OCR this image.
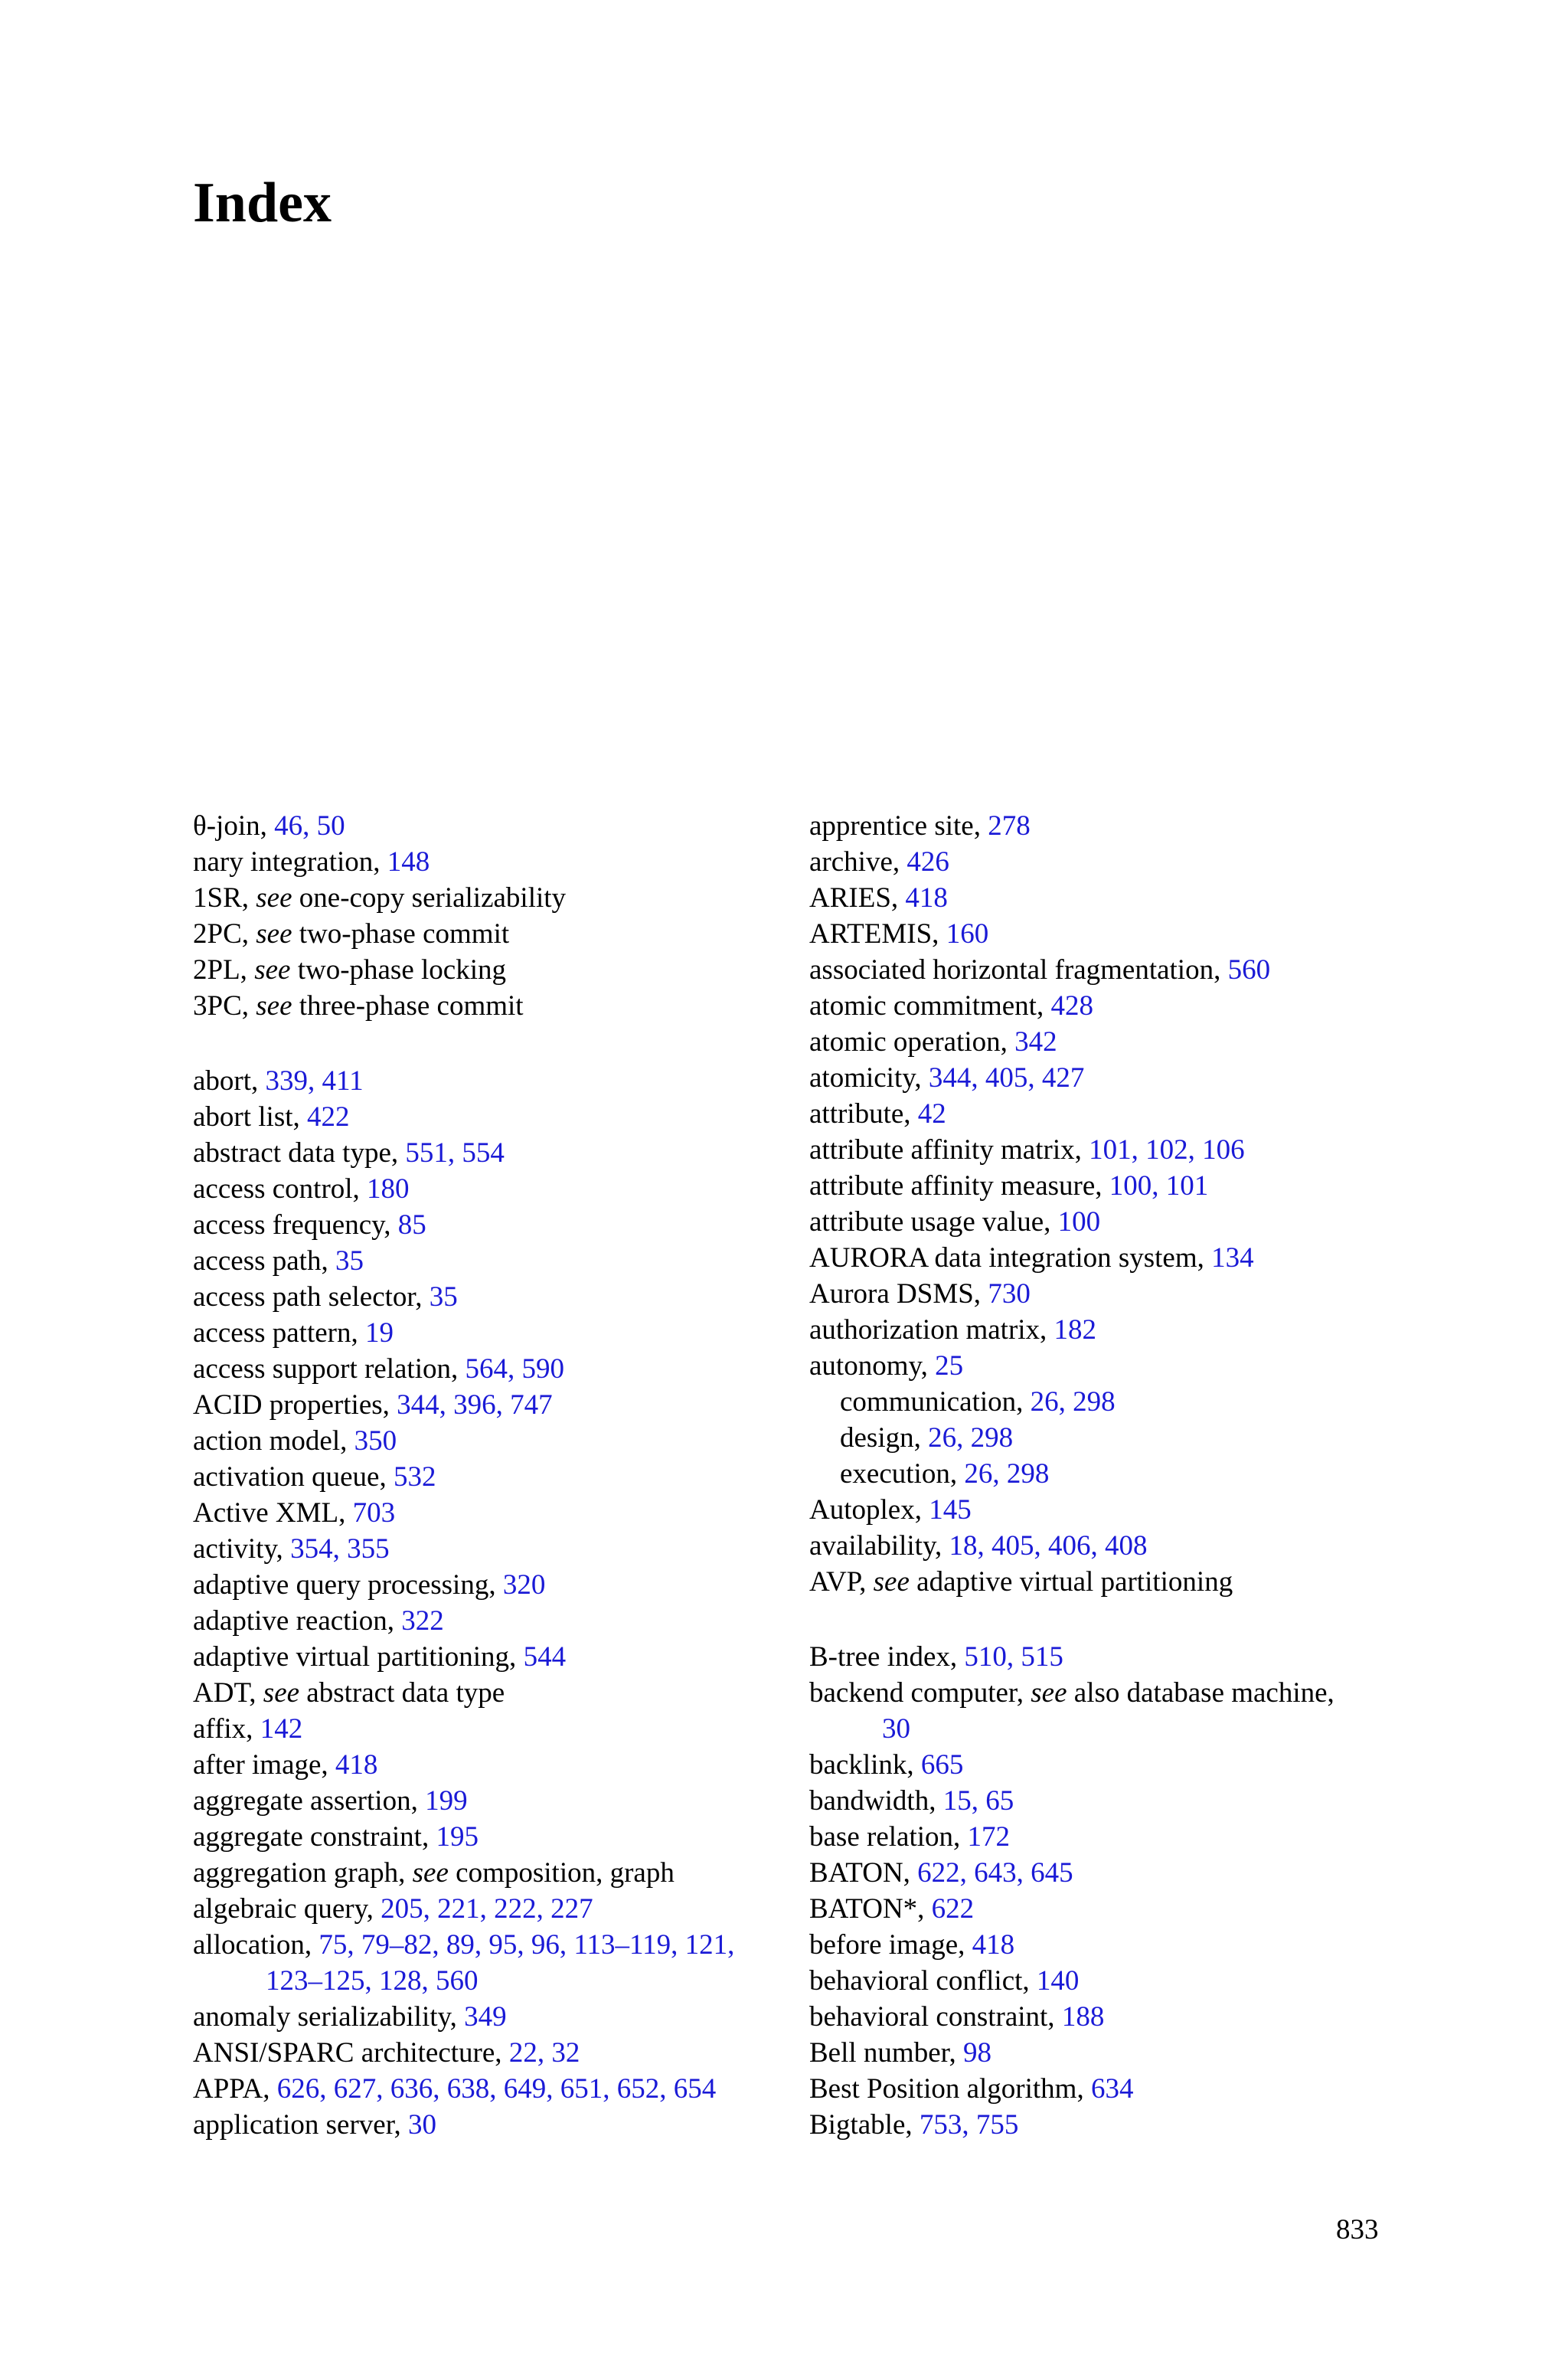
Index
θ-join, 46, 50
nary integration, 148
1SR, see one-copy serializability
2PC, see two-phase commit
2PL, see two-phase locking
3PC, see three-phase commit
abort, 339, 411
abort list, 422
abstract data type, 551, 554
access control, 180
access frequency, 85
access path, 35
access path selector, 35
access pattern, 19
access support relation, 564, 590
ACID properties, 344, 396, 747
action model, 350
activation queue, 532
Active XML, 703
activity, 354, 355
adaptive query processing, 320
adaptive reaction, 322
adaptive virtual partitioning, 544
ADT, see abstract data type
affix, 142
after image, 418
aggregate assertion, 199
aggregate constraint, 195
aggregation graph, see composition, graph
algebraic query, 205, 221, 222, 227
allocation, 75, 79–82, 89, 95, 96, 113–119, 121,
123–125, 128, 560
anomaly serializability, 349
ANSI/SPARC architecture, 22, 32
APPA, 626, 627, 636, 638, 649, 651, 652, 654
application server, 30
apprentice site, 278
archive, 426
ARIES, 418
ARTEMIS, 160
associated horizontal fragmentation, 560
atomic commitment, 428
atomic operation, 342
atomicity, 344, 405, 427
attribute, 42
attribute affinity matrix, 101, 102, 106
attribute affinity measure, 100, 101
attribute usage value, 100
AURORA data integration system, 134
Aurora DSMS, 730
authorization matrix, 182
autonomy, 25
communication, 26, 298
design, 26, 298
execution, 26, 298
Autoplex, 145
availability, 18, 405, 406, 408
AVP, see adaptive virtual partitioning
B-tree index, 510, 515
backend computer, see also database machine,
30
backlink, 665
bandwidth, 15, 65
base relation, 172
BATON, 622, 643, 645
BATON*, 622
before image, 418
behavioral conflict, 140
behavioral constraint, 188
Bell number, 98
Best Position algorithm, 634
Bigtable, 753, 755
833
